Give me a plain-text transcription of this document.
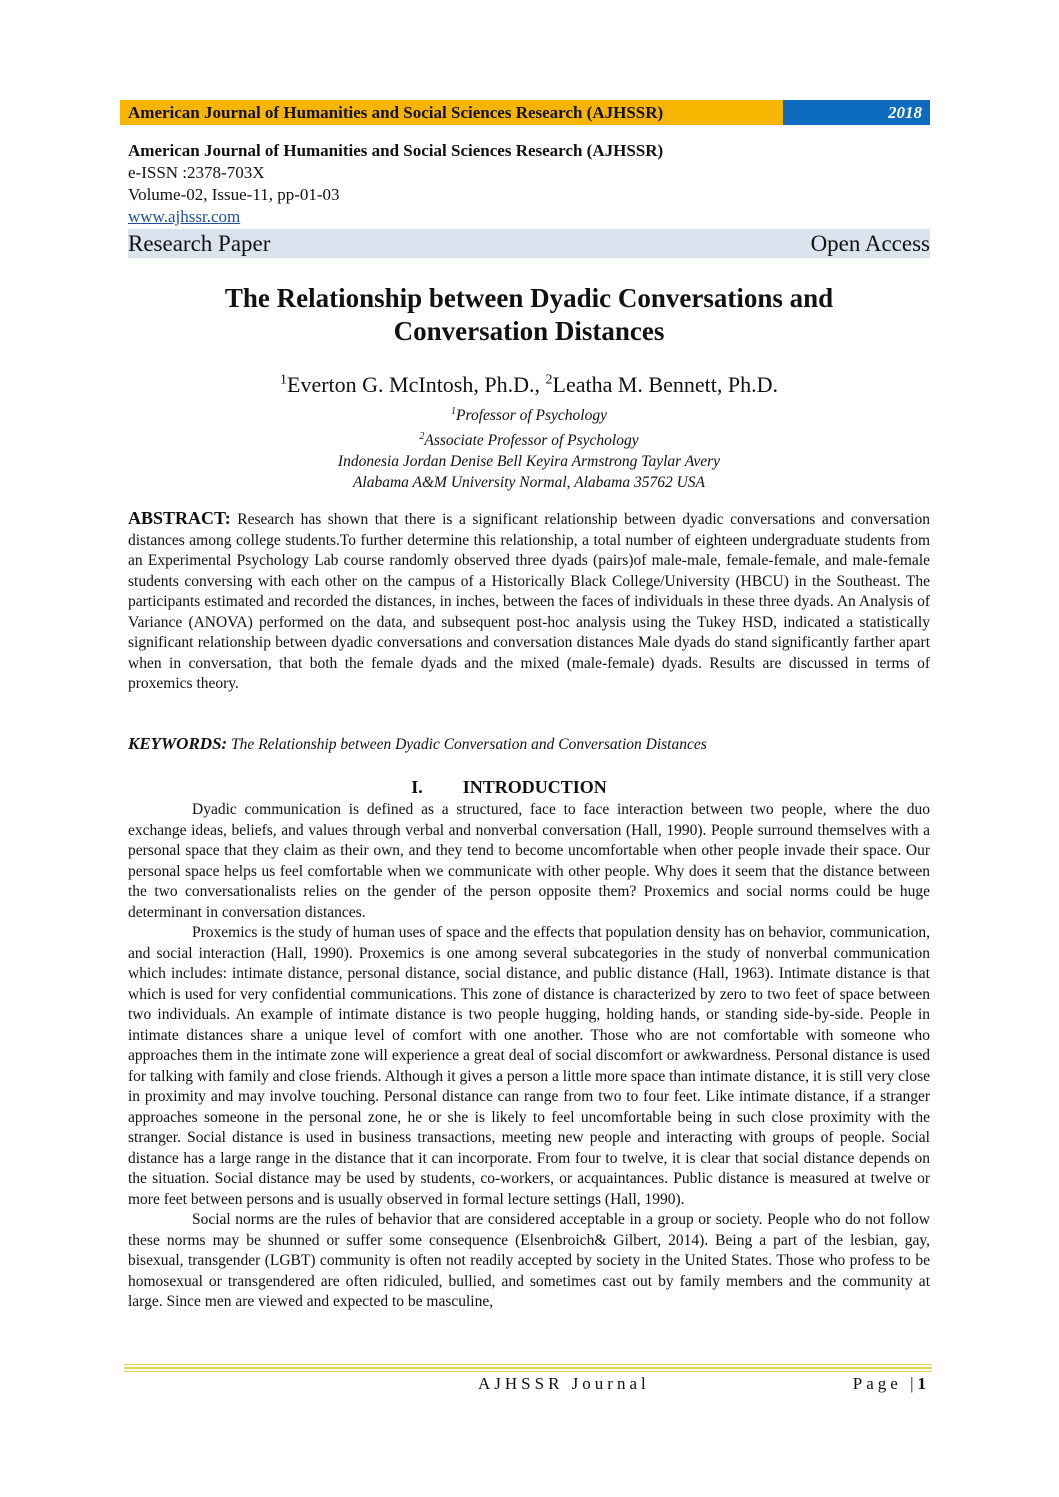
American Journal of Humanities and Social Sciences Research (AJHSSR)	2018
American Journal of Humanities and Social Sciences Research (AJHSSR)
e-ISSN :2378-703X
Volume-02, Issue-11, pp-01-03
www.ajhssr.com
Research Paper	Open Access
The Relationship between Dyadic Conversations and
Conversation Distances
$^1$Everton G. McIntosh, Ph.D., $^2$Leatha M. Bennett, Ph.D.
$^1$Professor of Psychology
$^2$Associate Professor of Psychology
Indonesia Jordan Denise Bell Keyira Armstrong Taylar Avery
Alabama A&M University Normal, Alabama 35762 USA
ABSTRACT: Research has shown that there is a significant relationship between dyadic conversations and conversation distances among college students.To further determine this relationship, a total number of eighteen undergraduate students from an Experimental Psychology Lab course randomly observed three dyads (pairs)of male-male, female-female, and male-female students conversing with each other on the campus of a Historically Black College/University (HBCU) in the Southeast. The participants estimated and recorded the distances, in inches, between the faces of individuals in these three dyads. An Analysis of Variance (ANOVA) performed on the data, and subsequent post-hoc analysis using the Tukey HSD, indicated a statistically significant relationship between dyadic conversations and conversation distances Male dyads do stand significantly farther apart when in conversation, that both the female dyads and the mixed (male-female) dyads. Results are discussed in terms of proxemics theory.
KEYWORDS: The Relationship between Dyadic Conversation and Conversation Distances
I. INTRODUCTION

Dyadic communication is defined as a structured, face to face interaction between two people, where the duo exchange ideas, beliefs, and values through verbal and nonverbal conversation (Hall, 1990). People surround themselves with a personal space that they claim as their own, and they tend to become uncomfortable when other people invade their space. Our personal space helps us feel comfortable when we communicate with other people. Why does it seem that the distance between the two conversationalists relies on the gender of the person opposite them? Proxemics and social norms could be huge determinant in conversation distances.

Proxemics is the study of human uses of space and the effects that population density has on behavior, communication, and social interaction (Hall, 1990). Proxemics is one among several subcategories in the study of nonverbal communication which includes: intimate distance, personal distance, social distance, and public distance (Hall, 1963). Intimate distance is that which is used for very confidential communications. This zone of distance is characterized by zero to two feet of space between two individuals. An example of intimate distance is two people hugging, holding hands, or standing side-by-side. People in intimate distances share a unique level of comfort with one another. Those who are not comfortable with someone who approaches them in the intimate zone will experience a great deal of social discomfort or awkwardness. Personal distance is used for talking with family and close friends. Although it gives a person a little more space than intimate distance, it is still very close in proximity and may involve touching. Personal distance can range from two to four feet. Like intimate distance, if a stranger approaches someone in the personal zone, he or she is likely to feel uncomfortable being in such close proximity with the stranger. Social distance is used in business transactions, meeting new people and interacting with groups of people. Social distance has a large range in the distance that it can incorporate. From four to twelve, it is clear that social distance depends on the situation. Social distance may be used by students, co-workers, or acquaintances. Public distance is measured at twelve or more feet between persons and is usually observed in formal lecture settings (Hall, 1990).

Social norms are the rules of behavior that are considered acceptable in a group or society. People who do not follow these norms may be shunned or suffer some consequence (Elsenbroich& Gilbert, 2014). Being a part of the lesbian, gay, bisexual, transgender (LGBT) community is often not readily accepted by society in the United States. Those who profess to be homosexual or transgendered are often ridiculed, bullied, and sometimes cast out by family members and the community at large. Since men are viewed and expected to be masculine,

AJHSSR Journal	Page |1
